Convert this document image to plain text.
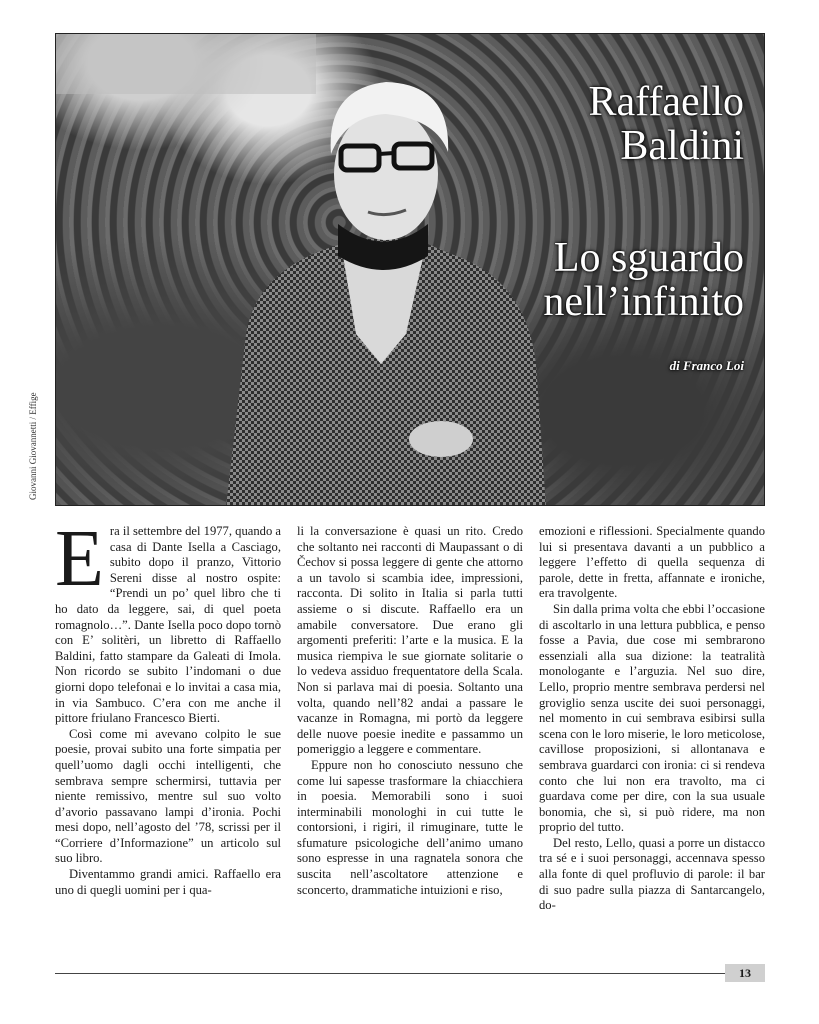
Raffaello
Baldini
Lo sguardo
nell’infinito
di Franco Loi
Giovanni Giovannetti / Effige

Era il settembre del 1977, quando a casa di Dante Isella a Casciago, subito dopo il pranzo, Vittorio Sereni disse al nostro ospite: “Prendi un po’ quel libro che ti ho dato da leggere, sai, di quel poeta romagnolo…”. Dante Isella poco dopo tornò con E’ solitèri, un libretto di Raffaello Baldini, fatto stampare da Galeati di Imola. Non ricordo se subito l’indomani o due giorni dopo telefonai e lo invitai a casa mia, in via Sambuco. C’era con me anche il pittore friulano Francesco Bierti.

Così come mi avevano colpito le sue poesie, provai subito una forte simpatia per quell’uomo dagli occhi intelligenti, che sembrava sempre schermirsi, tuttavia per niente remissivo, mentre sul suo volto d’avorio passavano lampi d’ironia. Pochi mesi dopo, nell’agosto del ’78, scrissi per il “Corriere d’Informazione” un articolo sul suo libro.

Diventammo grandi amici. Raffaello era uno di quegli uomini per i qua-

li la conversazione è quasi un rito. Credo che soltanto nei racconti di Maupassant o di Čechov si possa leggere di gente che attorno a un tavolo si scambia idee, impressioni, racconta. Di solito in Italia si parla tutti assieme o si discute. Raffaello era un amabile conversatore. Due erano gli argomenti preferiti: l’arte e la musica. E la musica riempiva le sue giornate solitarie o lo vedeva assiduo frequentatore della Scala. Non si parlava mai di poesia. Soltanto una volta, quando nell’82 andai a passare le vacanze in Romagna, mi portò da leggere delle nuove poesie inedite e passammo un pomeriggio a leggere e commentare.

Eppure non ho conosciuto nessuno che come lui sapesse trasformare la chiacchiera in poesia. Memorabili sono i suoi interminabili monologhi in cui tutte le contorsioni, i rigiri, il rimuginare, tutte le sfumature psicologiche dell’animo umano sono espresse in una ragnatela sonora che suscita nell’ascoltatore attenzione e sconcerto, drammatiche intuizioni e riso,

emozioni e riflessioni. Specialmente quando lui si presentava davanti a un pubblico a leggere l’effetto di quella sequenza di parole, dette in fretta, affannate e ironiche, era travolgente.

Sin dalla prima volta che ebbi l’occasione di ascoltarlo in una lettura pubblica, e penso fosse a Pavia, due cose mi sembrarono essenziali alla sua dizione: la teatralità monologante e l’arguzia. Nel suo dire, Lello, proprio mentre sembrava perdersi nel groviglio senza uscite dei suoi personaggi, nel momento in cui sembrava esibirsi sulla scena con le loro miserie, le loro meticolose, cavillose proposizioni, si allontanava e sembrava guardarci con ironia: ci si rendeva conto che lui non era travolto, ma ci guardava come per dire, con la sua usuale bonomia, che sì, si può ridere, ma non proprio del tutto.

Del resto, Lello, quasi a porre un distacco tra sé e i suoi personaggi, accennava spesso alla fonte di quel profluvio di parole: il bar di suo padre sulla piazza di Santarcangelo, do-

13
